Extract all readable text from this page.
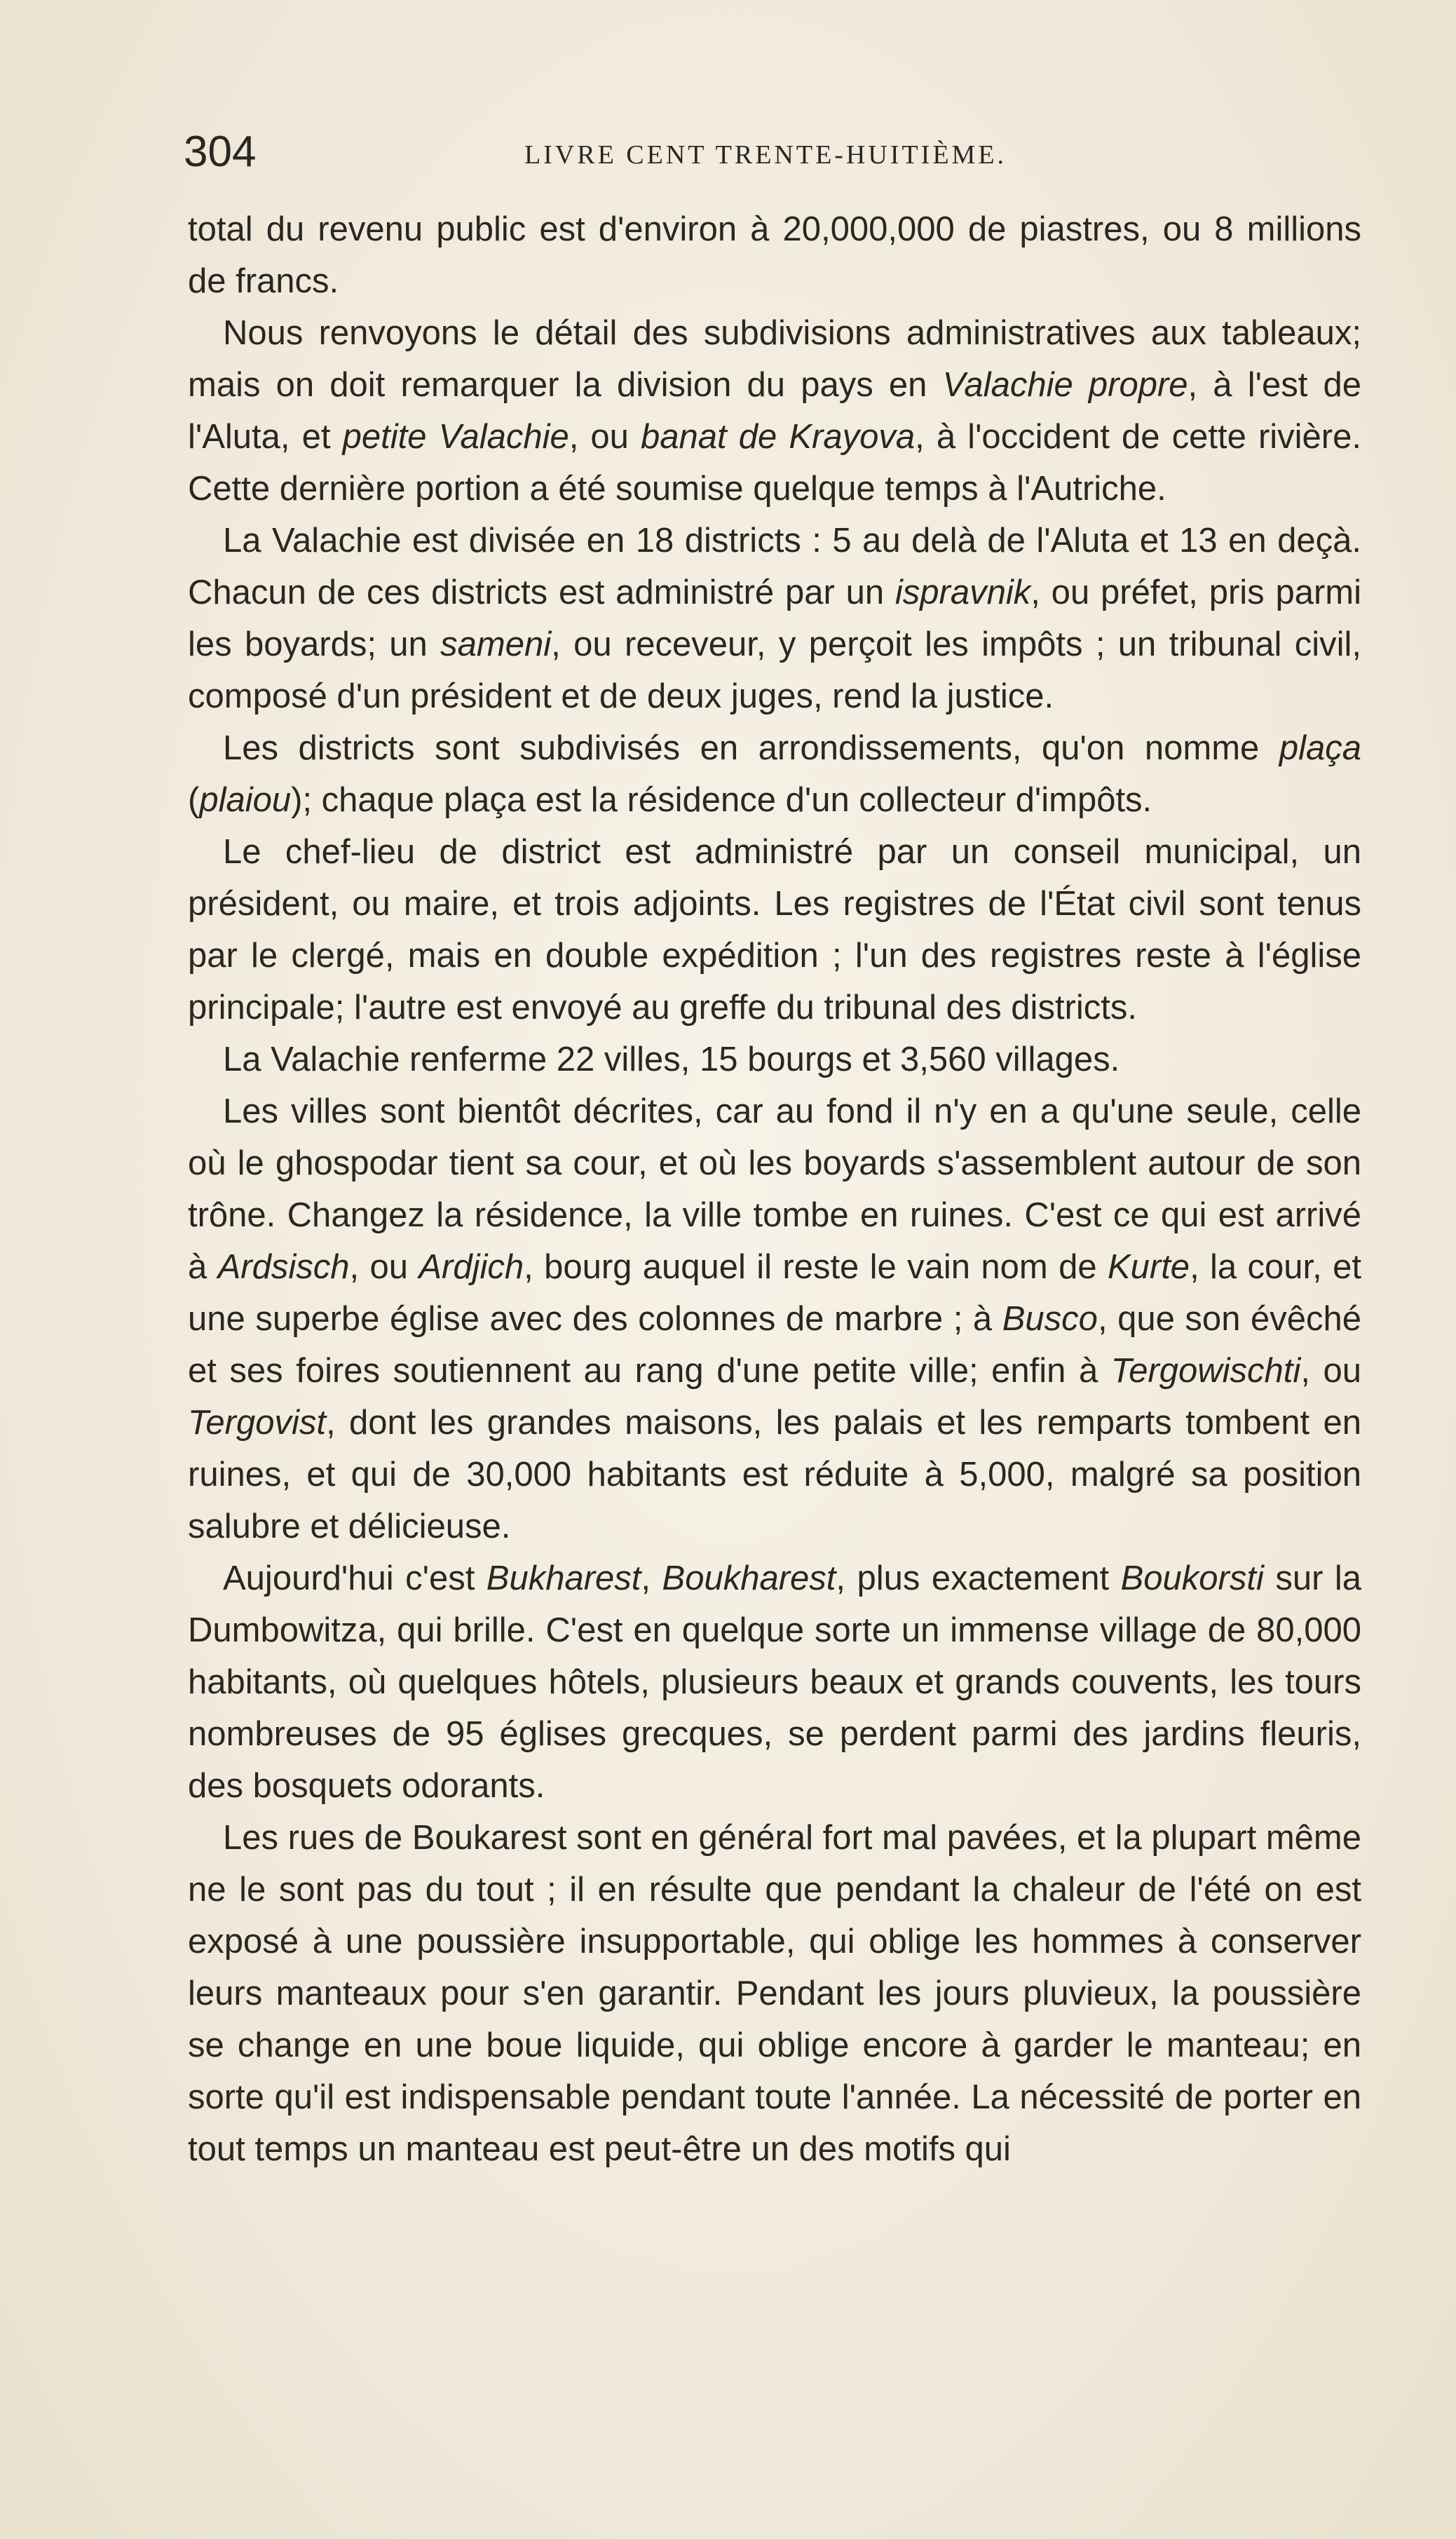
304	LIVRE CENT TRENTE-HUITIÈME.

total du revenu public est d'environ à 20,000,000 de piastres, ou 8 millions de francs.

Nous renvoyons le détail des subdivisions administratives aux tableaux; mais on doit remarquer la division du pays en Valachie propre, à l'est de l'Aluta, et petite Valachie, ou banat de Krayova, à l'occident de cette rivière. Cette dernière portion a été soumise quelque temps à l'Autriche.

La Valachie est divisée en 18 districts : 5 au delà de l'Aluta et 13 en deçà. Chacun de ces districts est administré par un ispravnik, ou préfet, pris parmi les boyards; un sameni, ou receveur, y perçoit les impôts ; un tribunal civil, composé d'un président et de deux juges, rend la justice.

Les districts sont subdivisés en arrondissements, qu'on nomme plaça (plaiou); chaque plaça est la résidence d'un collecteur d'impôts.

Le chef-lieu de district est administré par un conseil municipal, un président, ou maire, et trois adjoints. Les registres de l'État civil sont tenus par le clergé, mais en double expédition ; l'un des registres reste à l'église principale; l'autre est envoyé au greffe du tribunal des districts.

La Valachie renferme 22 villes, 15 bourgs et 3,560 villages.

Les villes sont bientôt décrites, car au fond il n'y en a qu'une seule, celle où le ghospodar tient sa cour, et où les boyards s'assemblent autour de son trône. Changez la résidence, la ville tombe en ruines. C'est ce qui est arrivé à Ardsisch, ou Ardjich, bourg auquel il reste le vain nom de Kurte, la cour, et une superbe église avec des colonnes de marbre ; à Busco, que son évêché et ses foires soutiennent au rang d'une petite ville; enfin à Tergowischti, ou Tergovist, dont les grandes maisons, les palais et les remparts tombent en ruines, et qui de 30,000 habitants est réduite à 5,000, malgré sa position salubre et délicieuse.

Aujourd'hui c'est Bukharest, Boukharest, plus exactement Boukorsti sur la Dumbowitza, qui brille. C'est en quelque sorte un immense village de 80,000 habitants, où quelques hôtels, plusieurs beaux et grands couvents, les tours nombreuses de 95 églises grecques, se perdent parmi des jardins fleuris, des bosquets odorants.

Les rues de Boukarest sont en général fort mal pavées, et la plupart même ne le sont pas du tout ; il en résulte que pendant la chaleur de l'été on est exposé à une poussière insupportable, qui oblige les hommes à conserver leurs manteaux pour s'en garantir. Pendant les jours pluvieux, la poussière se change en une boue liquide, qui oblige encore à garder le manteau; en sorte qu'il est indispensable pendant toute l'année. La nécessité de porter en tout temps un manteau est peut-être un des motifs qui
